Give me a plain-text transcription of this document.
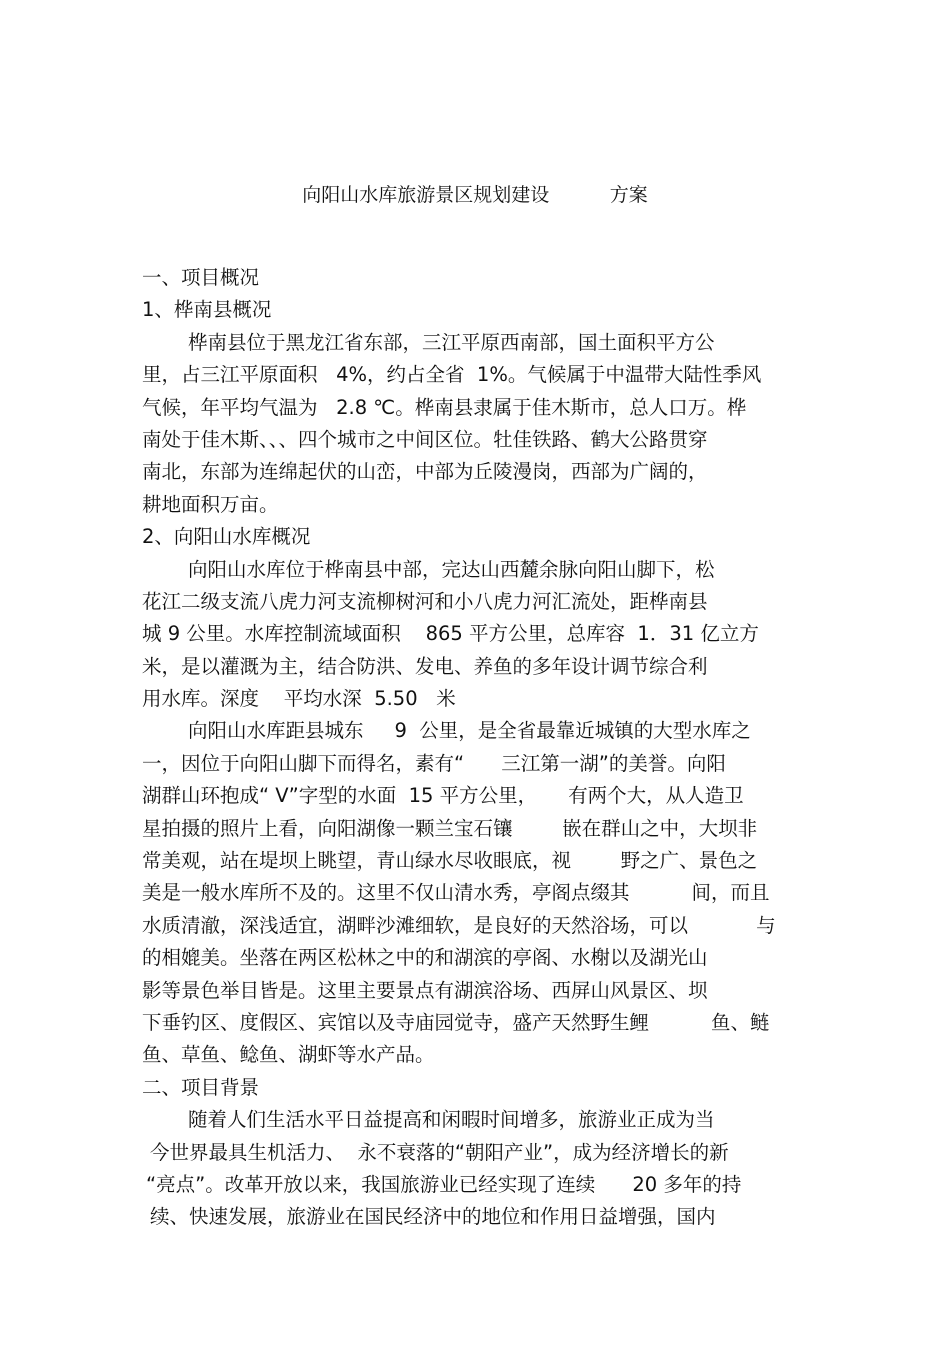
向阳山水库旅游景区规划建设          方案
一、项目概况
1、桦南县概况
桦南县位于黑龙江省东部，三江平原西南部，国土面积平方公
里，占三江平原面积   4%，约占全省  1%。气候属于中温带大陆性季风
气候，年平均气温为   2.8 ℃。桦南县隶属于佳木斯市，总人口万。桦
南处于佳木斯、、、四个城市之中间区位。牡佳铁路、鹤大公路贯穿
南北，东部为连绵起伏的山峦，中部为丘陵漫岗，西部为广阔的，
耕地面积万亩。
2、向阳山水库概况
向阳山水库位于桦南县中部，完达山西麓余脉向阳山脚下，松
花江二级支流八虎力河支流柳树河和小八虎力河汇流处，距桦南县
城 9 公里。水库控制流域面积    865 平方公里，总库容  1．31 亿立方
米，是以灌溉为主，结合防洪、发电、养鱼的多年设计调节综合利
用水库。深度    平均水深  5.50   米
向阳山水库距县城东     9  公里，是全省最靠近城镇的大型水库之
一，因位于向阳山脚下而得名，素有“      三江第一湖”的美誉。向阳
湖群山环抱成“ V”字型的水面  15 平方公里，     有两个大，从人造卫
星拍摄的照片上看，向阳湖像一颗兰宝石镶        嵌在群山之中，大坝非
常美观，站在堤坝上眺望，青山绿水尽收眼底，视        野之广、景色之
美是一般水库所不及的。这里不仅山清水秀，亭阁点缀其          间，而且
水质清澈，深浅适宜，湖畔沙滩细软，是良好的天然浴场，可以           与
的相媲美。坐落在两区松林之中的和湖滨的亭阁、水榭以及湖光山
影等景色举目皆是。这里主要景点有湖滨浴场、西屏山风景区、坝
下垂钓区、度假区、宾馆以及寺庙园觉寺，盛产天然野生鲤          鱼、鲢
鱼、草鱼、鲶鱼、湖虾等水产品。
二、项目背景
随着人们生活水平日益提高和闲暇时间增多，旅游业正成为当
今世界最具生机活力、  永不衰落的“朝阳产业”，成为经济增长的新
“亮点”。改革开放以来，我国旅游业已经实现了连续      20 多年的持
续、快速发展，旅游业在国民经济中的地位和作用日益增强，国内
